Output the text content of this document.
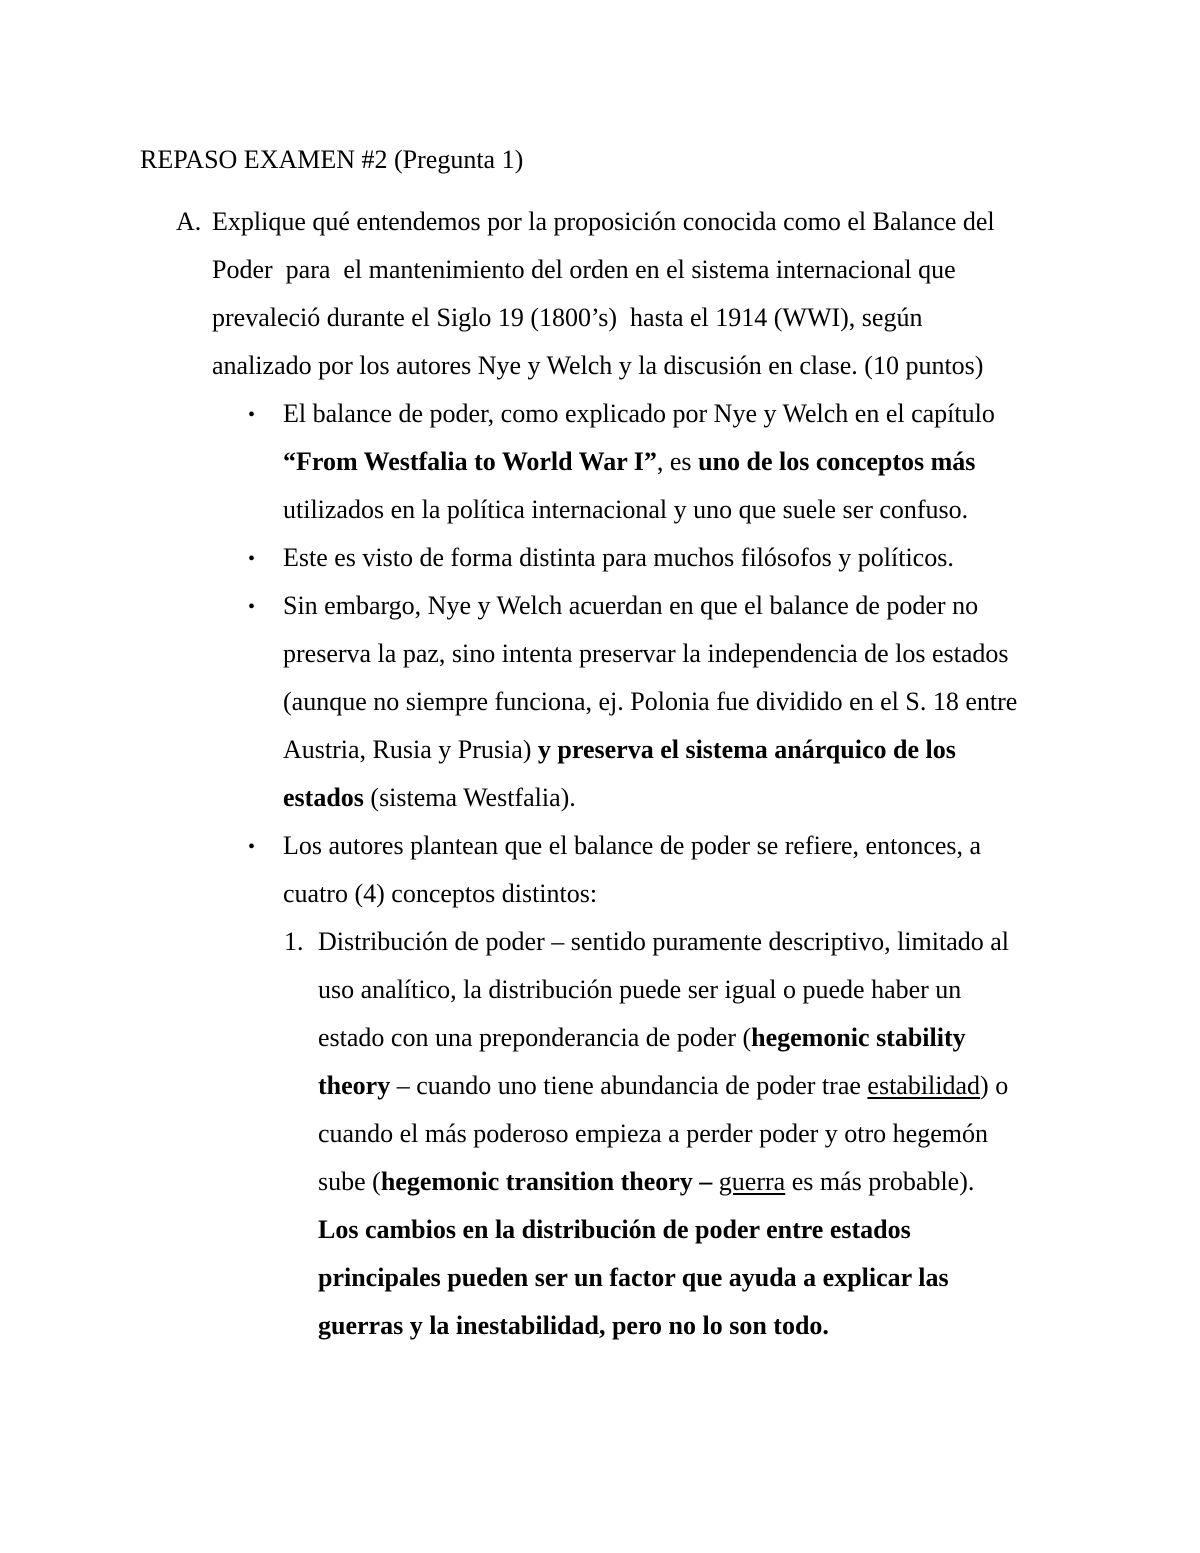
REPASO EXAMEN #2 (Pregunta 1)
A. Explique qué entendemos por la proposición conocida como el Balance del
Poder  para  el mantenimiento del orden en el sistema internacional que
prevaleció durante el Siglo 19 (1800’s)  hasta el 1914 (WWI), según
analizado por los autores Nye y Welch y la discusión en clase. (10 puntos)
• El balance de poder, como explicado por Nye y Welch en el capítulo
“From Westfalia to World War I”, es uno de los conceptos más
utilizados en la política internacional y uno que suele ser confuso.
• Este es visto de forma distinta para muchos filósofos y políticos.
• Sin embargo, Nye y Welch acuerdan en que el balance de poder no
preserva la paz, sino intenta preservar la independencia de los estados
(aunque no siempre funciona, ej. Polonia fue dividido en el S. 18 entre
Austria, Rusia y Prusia) y preserva el sistema anárquico de los
estados (sistema Westfalia).
• Los autores plantean que el balance de poder se refiere, entonces, a
cuatro (4) conceptos distintos:
1. Distribución de poder – sentido puramente descriptivo, limitado al
uso analítico, la distribución puede ser igual o puede haber un
estado con una preponderancia de poder (hegemonic stability
theory – cuando uno tiene abundancia de poder trae estabilidad) o
cuando el más poderoso empieza a perder poder y otro hegemón
sube (hegemonic transition theory – guerra es más probable).
Los cambios en la distribución de poder entre estados
principales pueden ser un factor que ayuda a explicar las
guerras y la inestabilidad, pero no lo son todo.
